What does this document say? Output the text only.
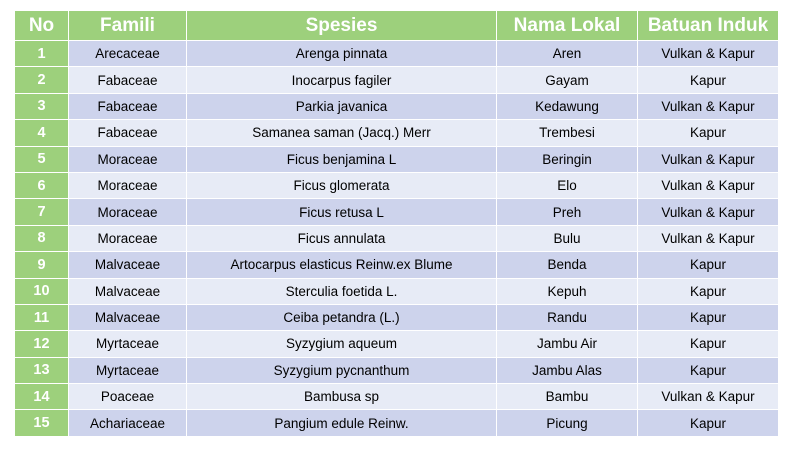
No	Famili	Spesies	Nama Lokal	Batuan Induk
1	Arecaceae	Arenga pinnata	Aren	Vulkan & Kapur
2	Fabaceae	Inocarpus fagiler	Gayam	Kapur
3	Fabaceae	Parkia javanica	Kedawung	Vulkan & Kapur
4	Fabaceae	Samanea saman (Jacq.) Merr	Trembesi	Kapur
5	Moraceae	Ficus benjamina L	Beringin	Vulkan & Kapur
6	Moraceae	Ficus glomerata	Elo	Vulkan & Kapur
7	Moraceae	Ficus retusa L	Preh	Vulkan & Kapur
8	Moraceae	Ficus annulata	Bulu	Vulkan & Kapur
9	Malvaceae	Artocarpus elasticus Reinw.ex Blume	Benda	Kapur
10	Malvaceae	Sterculia foetida L.	Kepuh	Kapur
11	Malvaceae	Ceiba petandra (L.)	Randu	Kapur
12	Myrtaceae	Syzygium aqueum	Jambu Air	Kapur
13	Myrtaceae	Syzygium pycnanthum	Jambu Alas	Kapur
14	Poaceae	Bambusa sp	Bambu	Vulkan & Kapur
15	Achariaceae	Pangium edule Reinw.	Picung	Kapur
